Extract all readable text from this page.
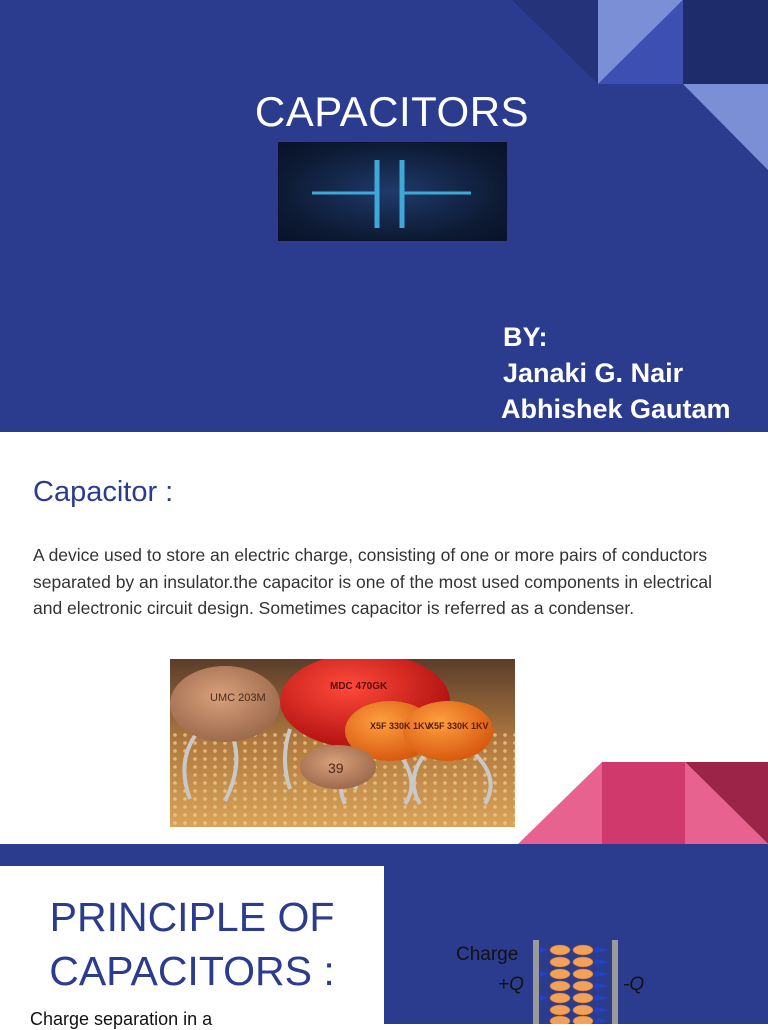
CAPACITORS
BY:
Janaki G. Nair
Abhishek Gautam
Capacitor :
A device used to store an electric charge, consisting of one or more pairs of conductors separated by an insulator.the capacitor is one of the most used components in electrical and electronic circuit design. Sometimes capacitor is referred as a condenser.
UMC 203M
MDC 470GK
X5F 330K 1KV
X5F 330K 1KV
39
PRINCIPLE OF
CAPACITORS :
Charge separation in a
Charge
+Q	-Q
